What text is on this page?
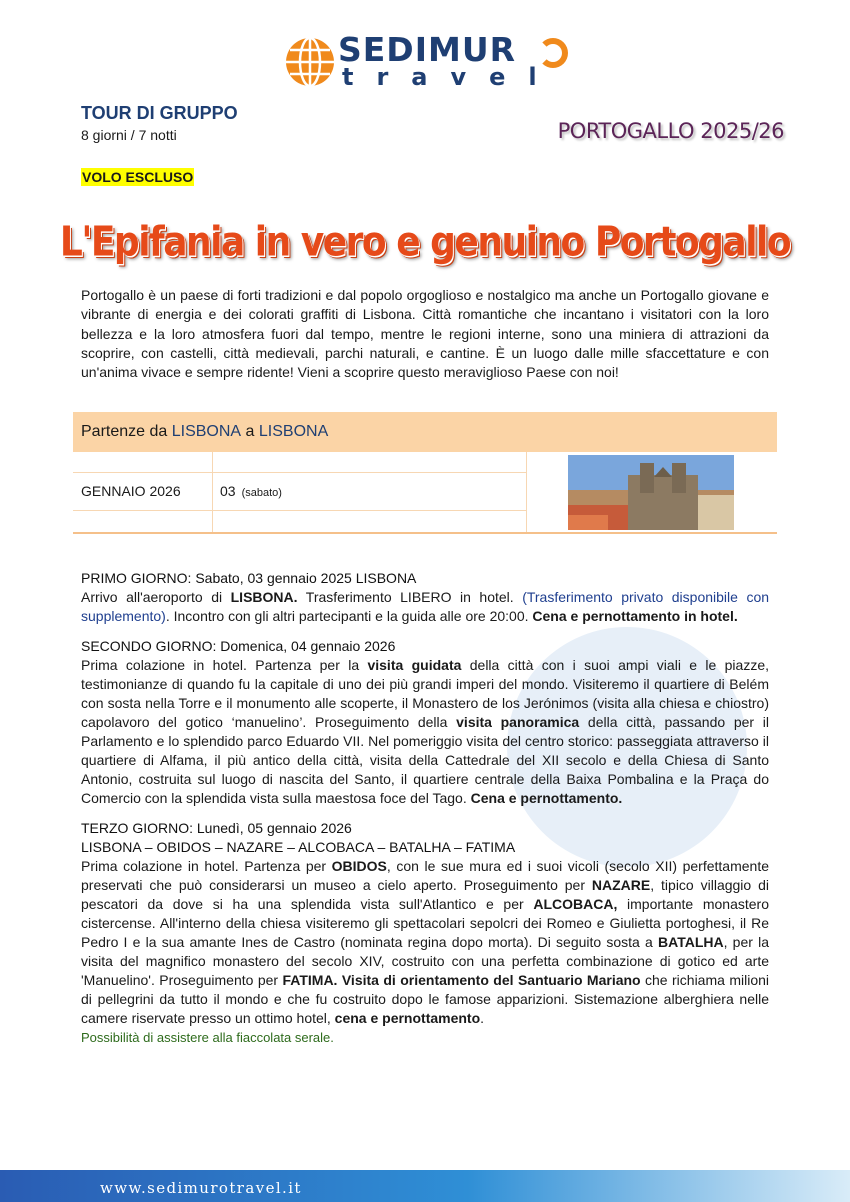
SEDIMUR
travel
TOUR DI GRUPPO
8 giorni / 7 notti	PORTOGALLO 2025/26
VOLO ESCLUSO
L'Epifania in vero e genuino Portogallo
Portogallo è un paese di forti tradizioni e dal popolo orgoglioso e nostalgico ma anche un Portogallo giovane e vibrante di energia e dei colorati graffiti di Lisbona. Città romantiche che incantano i visitatori con la loro bellezza e la loro atmosfera fuori dal tempo, mentre le regioni interne, sono una miniera di attrazioni da scoprire, con castelli, città medievali, parchi naturali, e cantine. È un luogo dalle mille sfaccettature e con un'anima vivace e sempre ridente! Vieni a scoprire questo meraviglioso Paese con noi!
Partenze da
LISBONA
a
LISBONA
GENNAIO 2026	03 (sabato)

PRIMO GIORNO: Sabato, 03 gennaio 2025 LISBONA

Arrivo all'aeroporto di LISBONA. Trasferimento LIBERO in hotel. (Trasferimento privato disponibile con supplemento). Incontro con gli altri partecipanti e la guida alle ore 20:00. Cena e pernottamento in hotel.

SECONDO GIORNO: Domenica, 04 gennaio 2026

Prima colazione in hotel. Partenza per la visita guidata della città con i suoi ampi viali e le piazze, testimonianze di quando fu la capitale di uno dei più grandi imperi del mondo. Visiteremo il quartiere di Belém con sosta nella Torre e il monumento alle scoperte, il Monastero de los Jerónimos (visita alla chiesa e chiostro) capolavoro del gotico ‘manuelino’. Proseguimento della visita panoramica della città, passando per il Parlamento e lo splendido parco Eduardo VII. Nel pomeriggio visita del centro storico: passeggiata attraverso il quartiere di Alfama, il più antico della città, visita della Cattedrale del XII secolo e della Chiesa di Santo Antonio, costruita sul luogo di nascita del Santo, il quartiere centrale della Baixa Pombalina e la Praça do Comercio con la splendida vista sulla maestosa foce del Tago. Cena e pernottamento.

TERZO GIORNO: Lunedì, 05 gennaio 2026

LISBONA – OBIDOS – NAZARE – ALCOBACA – BATALHA – FATIMA

Prima colazione in hotel. Partenza per OBIDOS, con le sue mura ed i suoi vicoli (secolo XII) perfettamente preservati che può considerarsi un museo a cielo aperto. Proseguimento per NAZARE, tipico villaggio di pescatori da dove si ha una splendida vista sull'Atlantico e per ALCOBACA, importante monastero cistercense. All'interno della chiesa visiteremo gli spettacolari sepolcri dei Romeo e Giulietta portoghesi, il Re Pedro I e la sua amante Ines de Castro (nominata regina dopo morta). Di seguito sosta a BATALHA, per la visita del magnifico monastero del secolo XIV, costruito con una perfetta combinazione di gotico ed arte 'Manuelino'. Proseguimento per FATIMA. Visita di orientamento del Santuario Mariano che richiama milioni di pellegrini da tutto il mondo e che fu costruito dopo le famose apparizioni. Sistemazione alberghiera nelle camere riservate presso un ottimo hotel, cena e pernottamento.

Possibilità di assistere alla fiaccolata serale.

www.sedimurotravel.it
